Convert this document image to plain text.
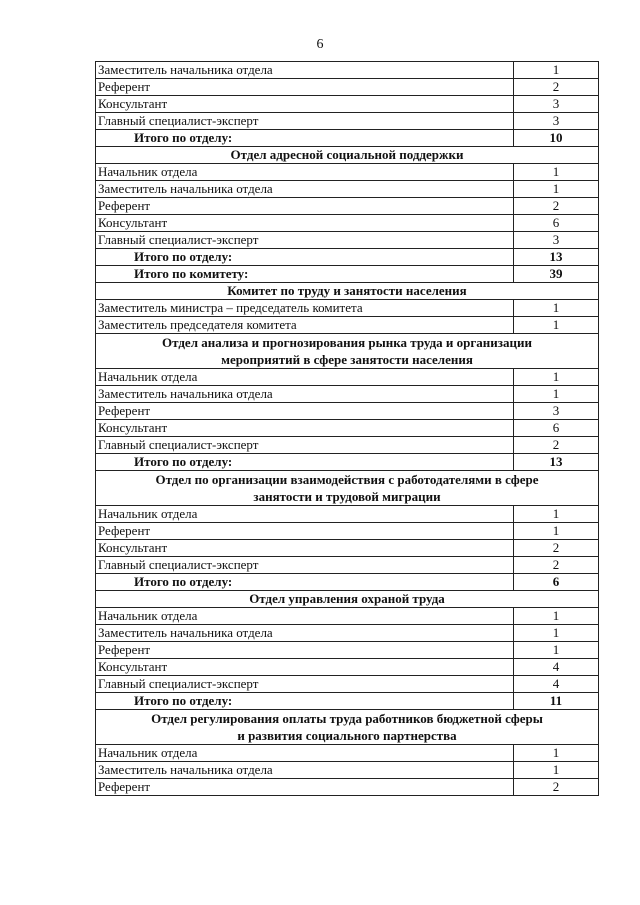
6
Заместитель начальника отдела	1
Референт	2
Консультант	3
Главный специалист-эксперт	3
Итого по отделу:	10
Отдел адресной социальной поддержки	
Начальник отдела	1
Заместитель начальника отдела	1
Референт	2
Консультант	6
Главный специалист-эксперт	3
Итого по отделу:	13
Итого по комитету:	39
Комитет по труду и занятости населения	
Заместитель министра – председатель комитета	1
Заместитель председателя комитета	1
Отдел анализа и прогнозирования рынка труда и организации
мероприятий в сфере занятости населения	
Начальник отдела	1
Заместитель начальника отдела	1
Референт	3
Консультант	6
Главный специалист-эксперт	2
Итого по отделу:	13
Отдел по организации взаимодействия с работодателями в сфере
занятости и трудовой миграции	
Начальник отдела	1
Референт	1
Консультант	2
Главный специалист-эксперт	2
Итого по отделу:	6
Отдел управления охраной труда	
Начальник отдела	1
Заместитель начальника отдела	1
Референт	1
Консультант	4
Главный специалист-эксперт	4
Итого по отделу:	11
Отдел регулирования оплаты труда работников бюджетной сферы
и развития социального партнерства	
Начальник отдела	1
Заместитель начальника отдела	1
Референт	2
